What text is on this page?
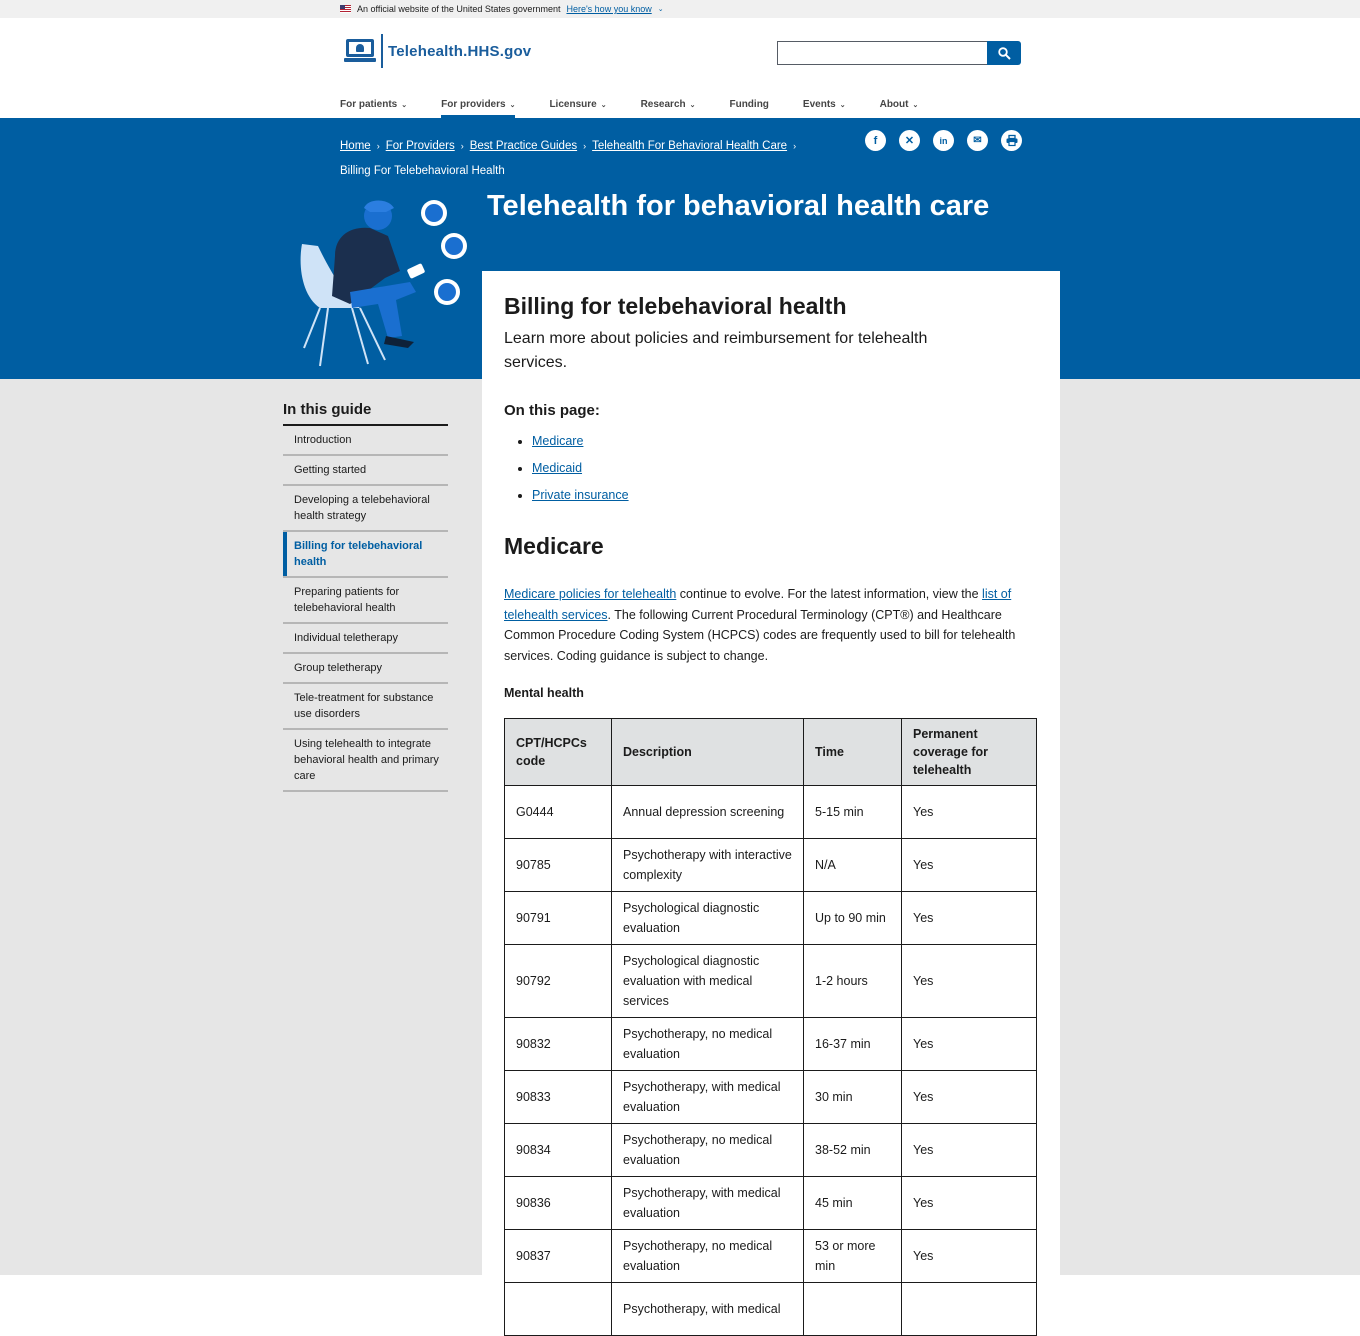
An official website of the United States government Here's how you know ⌄
Telehealth.HHS.gov
For patients ⌄	For providers ⌄	Licensure ⌄	Research ⌄	Funding	Events ⌄	About ⌄
Home › For Providers › Best Practice Guides › Telehealth For Behavioral Health Care ›
Billing For Telebehavioral Health
f	✕	in	✉
Telehealth for behavioral health care
In this guide
Introduction
Getting started
Developing a telebehavioral health strategy
Billing for telebehavioral health
Preparing patients for telebehavioral health
Individual teletherapy
Group teletherapy
Tele-treatment for substance use disorders
Using telehealth to integrate behavioral health and primary care
Billing for telebehavioral health

Learn more about policies and reimbursement for telehealth services.

On this page:
• Medicare
• Medicaid
• Private insurance
Medicare

Medicare policies for telehealth continue to evolve. For the latest information, view the list of telehealth services. The following Current Procedural Terminology (CPT®) and Healthcare Common Procedure Coding System (HCPCS) codes are frequently used to bill for telehealth services. Coding guidance is subject to change.

Mental health
CPT/HCPCs code	Description	Time	Permanent coverage for telehealth
G0444	Annual depression screening	5-15 min	Yes
90785	Psychotherapy with interactive complexity	N/A	Yes
90791	Psychological diagnostic evaluation	Up to 90 min	Yes
90792	Psychological diagnostic evaluation with medical services	1-2 hours	Yes
90832	Psychotherapy, no medical evaluation	16-37 min	Yes
90833	Psychotherapy, with medical evaluation	30 min	Yes
90834	Psychotherapy, no medical evaluation	38-52 min	Yes
90836	Psychotherapy, with medical evaluation	45 min	Yes
90837	Psychotherapy, no medical evaluation	53 or more min	Yes
	Psychotherapy, with medical		
